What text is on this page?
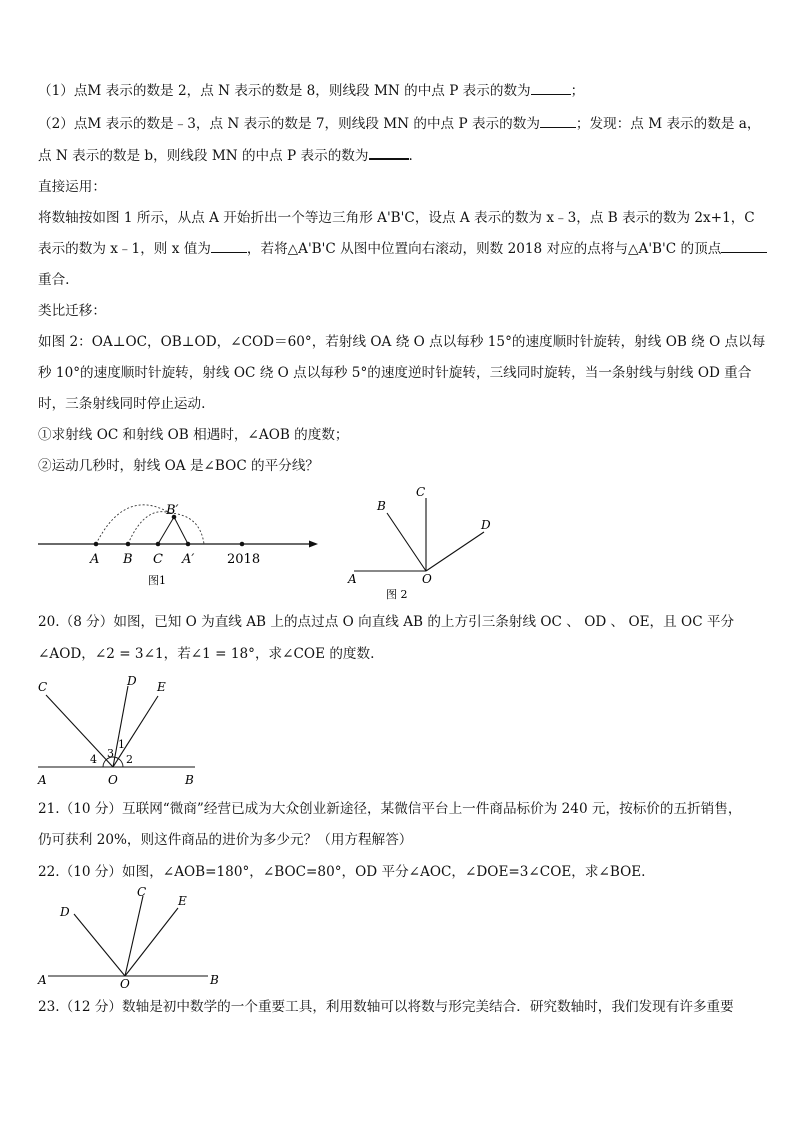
（1）点M 表示的数是 2，点 N 表示的数是 8，则线段 MN 的中点 P 表示的数为	；
（2）点M 表示的数是﹣3，点 N 表示的数是 7，则线段 MN 的中点 P 表示的数为	；发现：点 M 表示的数是 a，
点 N 表示的数是 b，则线段 MN 的中点 P 表示的数为	.
直接运用：
将数轴按如图 1 所示，从点 A 开始折出一个等边三角形 A'B'C，设点 A 表示的数为 x﹣3，点 B 表示的数为 2x+1，C
表示的数为 x﹣1，则 x 值为	，若将△A'B'C 从图中位置向右滚动，则数 2018 对应的点将与△A'B'C 的顶点
重合.
类比迁移：
如图 2：OA⊥OC，OB⊥OD，∠COD＝60°，若射线 OA 绕 O 点以每秒 15°的速度顺时针旋转，射线 OB 绕 O 点以每
秒 10°的速度顺时针旋转，射线 OC 绕 O 点以每秒 5°的速度逆时针旋转，三线同时旋转，当一条射线与射线 OD 重合
时，三条射线同时停止运动.
①求射线 OC 和射线 OB 相遇时，∠AOB 的度数；
②运动几秒时，射线 OA 是∠BOC 的平分线？
A B C A′	2018
B′
图1
B
C
D
A	O
图 2
20.（8 分）如图，已知 O 为直线 AB 上的点过点 O 向直线 AB 的上方引三条射线 OC 、 OD 、 OE，且 OC 平分
∠AOD，∠2 = 3∠1，若∠1 = 18°，求∠COE 的度数.
C	D E
A	O	B
1
2
3
4
21.（10 分）互联网“微商”经营已成为大众创业新途径，某微信平台上一件商品标价为 240 元，按标价的五折销售，
仍可获利 20%，则这件商品的进价为多少元？（用方程解答）
22.（10 分）如图，∠AOB=180°，∠BOC=80°，OD 平分∠AOC，∠DOE=3∠COE，求∠BOE.
C
D
E
A	O	B
23.（12 分）数轴是初中数学的一个重要工具，利用数轴可以将数与形完美结合．研究数轴时，我们发现有许多重要
